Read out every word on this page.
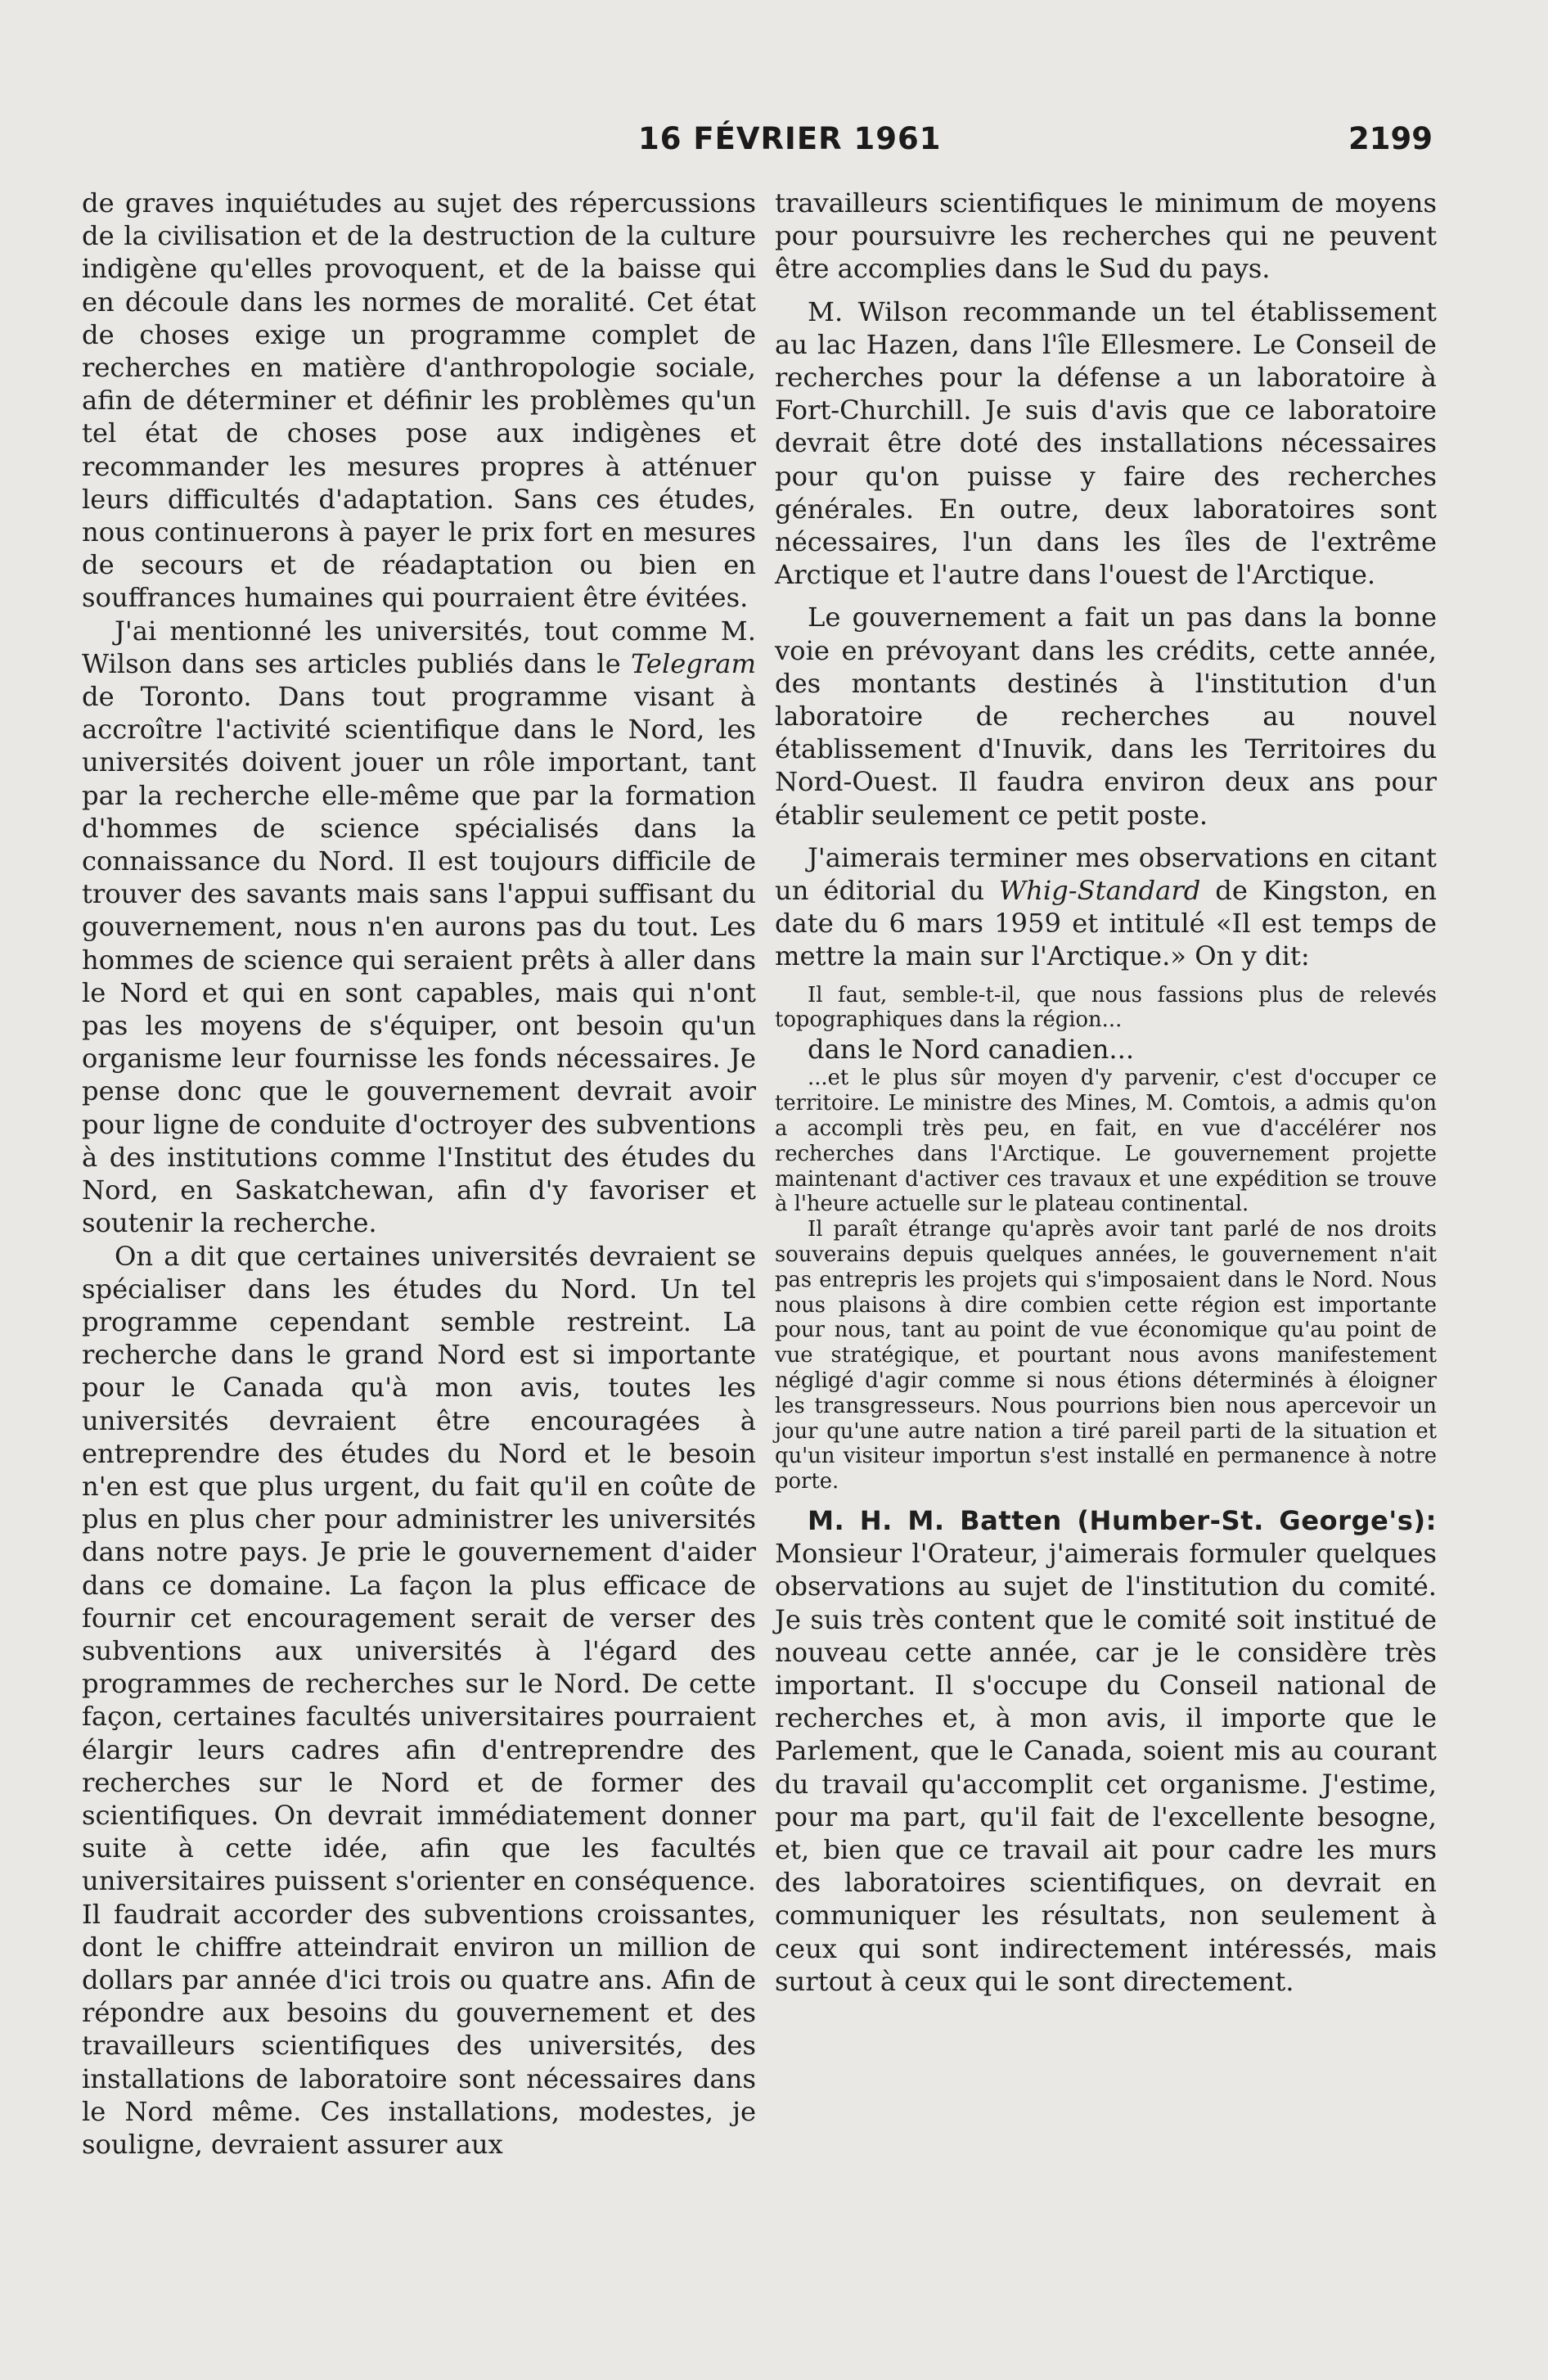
16 FÉVRIER 1961	2199

de graves inquiétudes au sujet des répercussions de la civilisation et de la destruction de la culture indigène qu'elles provoquent, et de la baisse qui en découle dans les normes de moralité. Cet état de choses exige un programme complet de recherches en matière d'anthropologie sociale, afin de déterminer et définir les problèmes qu'un tel état de choses pose aux indigènes et recommander les mesures propres à atténuer leurs difficultés d'adaptation. Sans ces études, nous continuerons à payer le prix fort en mesures de secours et de réadaptation ou bien en souffrances humaines qui pourraient être évitées.

J'ai mentionné les universités, tout comme M. Wilson dans ses articles publiés dans le Telegram de Toronto. Dans tout programme visant à accroître l'activité scientifique dans le Nord, les universités doivent jouer un rôle important, tant par la recherche elle-même que par la formation d'hommes de science spécialisés dans la connaissance du Nord. Il est toujours difficile de trouver des savants mais sans l'appui suffisant du gouvernement, nous n'en aurons pas du tout. Les hommes de science qui seraient prêts à aller dans le Nord et qui en sont capables, mais qui n'ont pas les moyens de s'équiper, ont besoin qu'un organisme leur fournisse les fonds nécessaires. Je pense donc que le gouvernement devrait avoir pour ligne de conduite d'octroyer des subventions à des institutions comme l'Institut des études du Nord, en Saskatchewan, afin d'y favoriser et soutenir la recherche.

On a dit que certaines universités devraient se spécialiser dans les études du Nord. Un tel programme cependant semble restreint. La recherche dans le grand Nord est si importante pour le Canada qu'à mon avis, toutes les universités devraient être encouragées à entreprendre des études du Nord et le besoin n'en est que plus urgent, du fait qu'il en coûte de plus en plus cher pour administrer les universités dans notre pays. Je prie le gouvernement d'aider dans ce domaine. La façon la plus efficace de fournir cet encouragement serait de verser des subventions aux universités à l'égard des programmes de recherches sur le Nord. De cette façon, certaines facultés universitaires pourraient élargir leurs cadres afin d'entreprendre des recherches sur le Nord et de former des scientifiques. On devrait immédiatement donner suite à cette idée, afin que les facultés universitaires puissent s'orienter en conséquence. Il faudrait accorder des subventions croissantes, dont le chiffre atteindrait environ un million de dollars par année d'ici trois ou quatre ans. Afin de répondre aux besoins du gouvernement et des travailleurs scientifiques des universités, des installations de laboratoire sont nécessaires dans le Nord même. Ces installations, modestes, je souligne, devraient assurer aux

travailleurs scientifiques le minimum de moyens pour poursuivre les recherches qui ne peuvent être accomplies dans le Sud du pays.

M. Wilson recommande un tel établissement au lac Hazen, dans l'île Ellesmere. Le Conseil de recherches pour la défense a un laboratoire à Fort-Churchill. Je suis d'avis que ce laboratoire devrait être doté des installations nécessaires pour qu'on puisse y faire des recherches générales. En outre, deux laboratoires sont nécessaires, l'un dans les îles de l'extrême Arctique et l'autre dans l'ouest de l'Arctique.

Le gouvernement a fait un pas dans la bonne voie en prévoyant dans les crédits, cette année, des montants destinés à l'institution d'un laboratoire de recherches au nouvel établissement d'Inuvik, dans les Territoires du Nord-Ouest. Il faudra environ deux ans pour établir seulement ce petit poste.

J'aimerais terminer mes observations en citant un éditorial du Whig-Standard de Kingston, en date du 6 mars 1959 et intitulé «Il est temps de mettre la main sur l'Arctique.» On y dit:

Il faut, semble-t-il, que nous fassions plus de relevés topographiques dans la région...

dans le Nord canadien...

...et le plus sûr moyen d'y parvenir, c'est d'occuper ce territoire. Le ministre des Mines, M. Comtois, a admis qu'on a accompli très peu, en fait, en vue d'accélérer nos recherches dans l'Arctique. Le gouvernement projette maintenant d'activer ces travaux et une expédition se trouve à l'heure actuelle sur le plateau continental.

Il paraît étrange qu'après avoir tant parlé de nos droits souverains depuis quelques années, le gouvernement n'ait pas entrepris les projets qui s'imposaient dans le Nord. Nous nous plaisons à dire combien cette région est importante pour nous, tant au point de vue économique qu'au point de vue stratégique, et pourtant nous avons manifestement négligé d'agir comme si nous étions déterminés à éloigner les transgresseurs. Nous pourrions bien nous apercevoir un jour qu'une autre nation a tiré pareil parti de la situation et qu'un visiteur importun s'est installé en permanence à notre porte.

M. H. M. Batten (Humber-St. George's): Monsieur l'Orateur, j'aimerais formuler quelques observations au sujet de l'institution du comité. Je suis très content que le comité soit institué de nouveau cette année, car je le considère très important. Il s'occupe du Conseil national de recherches et, à mon avis, il importe que le Parlement, que le Canada, soient mis au courant du travail qu'accomplit cet organisme. J'estime, pour ma part, qu'il fait de l'excellente besogne, et, bien que ce travail ait pour cadre les murs des laboratoires scientifiques, on devrait en communiquer les résultats, non seulement à ceux qui sont indirectement intéressés, mais surtout à ceux qui le sont directement.
